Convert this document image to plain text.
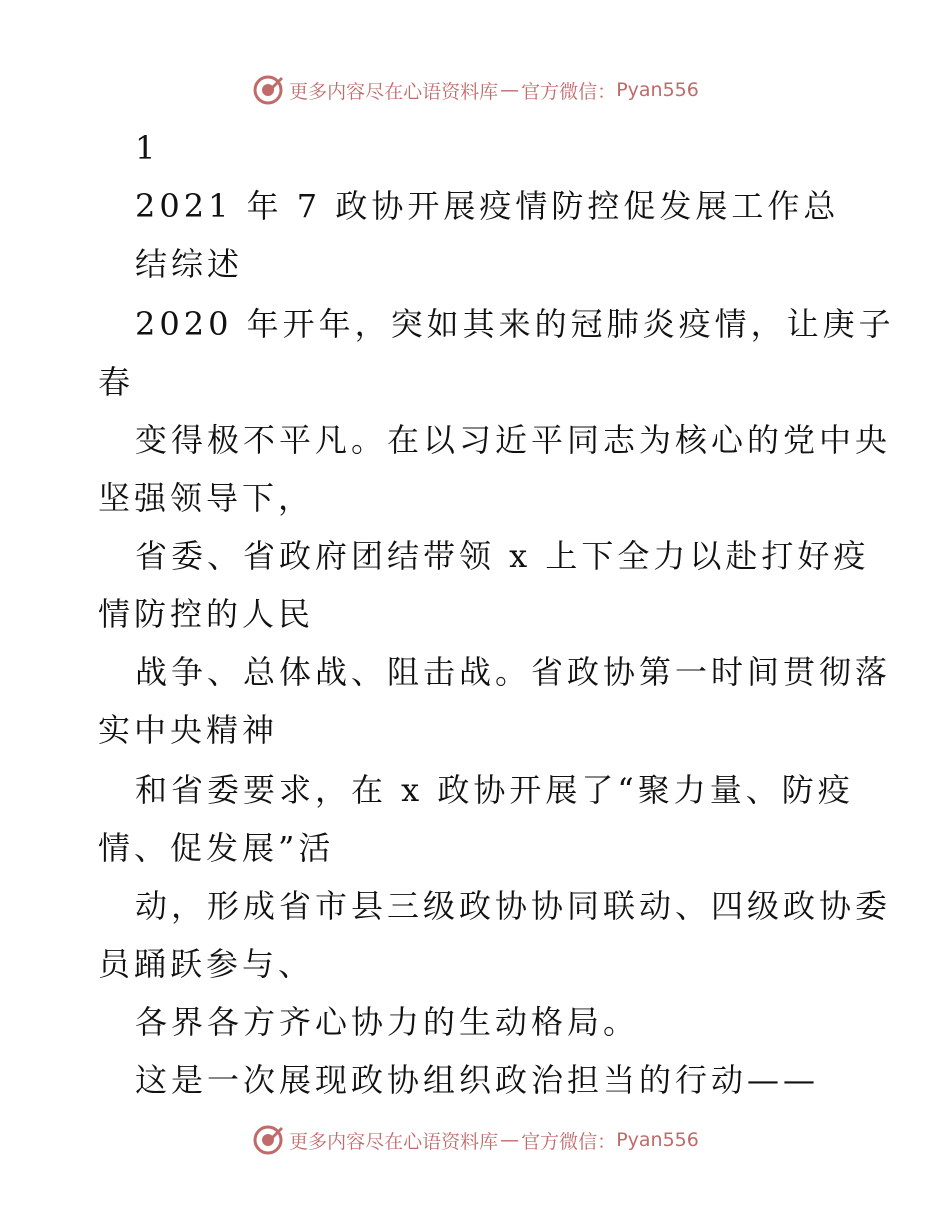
更多内容尽在心语资料库 — 官方微信： Pyan556
1
2021 年 7 政协开展疫情防控促发展工作总
结综述
2020 年开年，突如其来的冠肺炎疫情，让庚子
春
变得极不平凡。在以习近平同志为核心的党中央
坚强领导下，
省委、省政府团结带领 x 上下全力以赴打好疫
情防控的人民
战争、总体战、阻击战。省政协第一时间贯彻落
实中央精神
和省委要求，在 x 政协开展了“聚力量、防疫
情、促发展”活
动，形成省市县三级政协协同联动、四级政协委
员踊跃参与、
各界各方齐心协力的生动格局。
这是一次展现政协组织政治担当的行动——
更多内容尽在心语资料库 — 官方微信： Pyan556
